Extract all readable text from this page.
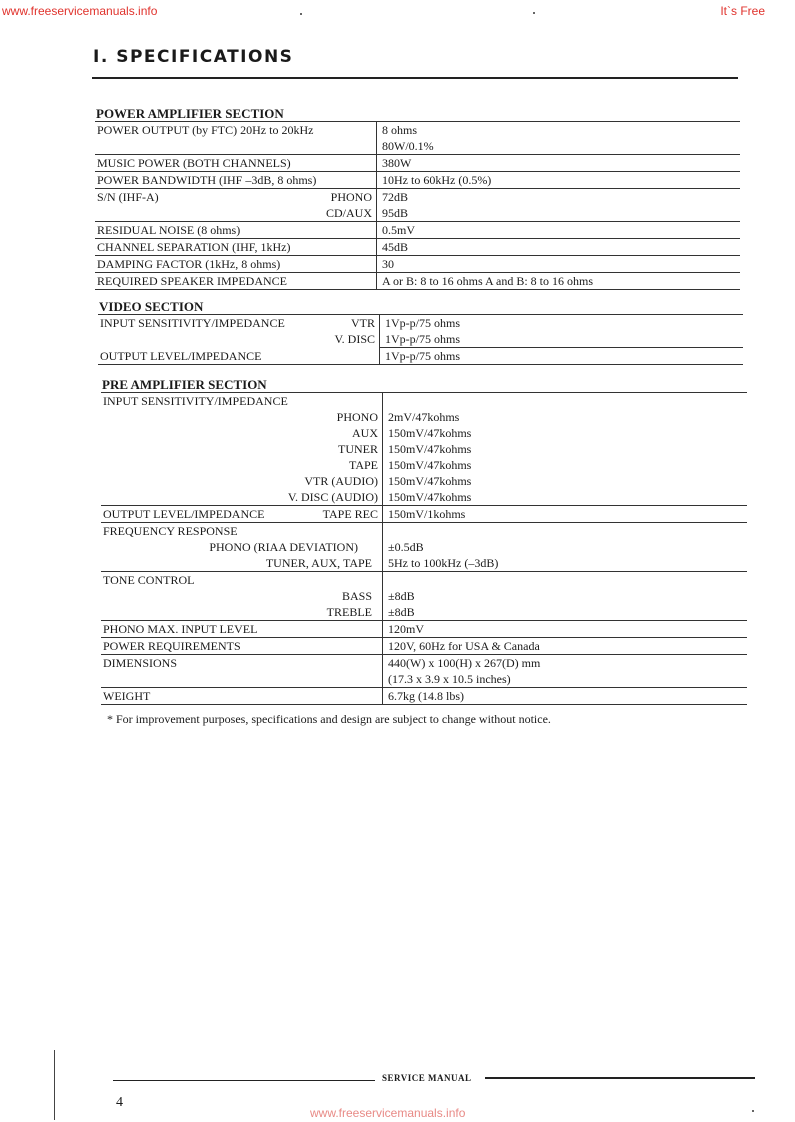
www.freeservicemanuals.info	It`s Free
I. SPECIFICATIONS
POWER AMPLIFIER SECTION
POWER OUTPUT (by FTC) 20Hz to 20kHz	8 ohms
80W/0.1%
MUSIC POWER (BOTH CHANNELS)	380W
POWER BANDWIDTH (IHF –3dB, 8 ohms)	10Hz to 60kHz (0.5%)
S/N (IHF-A)	PHONO 72dB
CD/AUX 95dB
RESIDUAL NOISE (8 ohms)	0.5mV
CHANNEL SEPARATION (IHF, 1kHz)	45dB
DAMPING FACTOR (1kHz, 8 ohms)	30
REQUIRED SPEAKER IMPEDANCE	A or B: 8 to 16 ohms A and B: 8 to 16 ohms
VIDEO SECTION
INPUT SENSITIVITY/IMPEDANCE	VTR 1Vp-p/75 ohms
V. DISC 1Vp-p/75 ohms
OUTPUT LEVEL/IMPEDANCE	1Vp-p/75 ohms
PRE AMPLIFIER SECTION
INPUT SENSITIVITY/IMPEDANCE
PHONO 2mV/47kohms
AUX 150mV/47kohms
TUNER 150mV/47kohms
TAPE 150mV/47kohms
VTR (AUDIO) 150mV/47kohms
V. DISC (AUDIO) 150mV/47kohms
OUTPUT LEVEL/IMPEDANCE	TAPE REC 150mV/1kohms
FREQUENCY RESPONSE
PHONO (RIAA DEVIATION)	±0.5dB
TUNER, AUX, TAPE	5Hz to 100kHz (–3dB)
TONE CONTROL
BASS	±8dB
TREBLE	±8dB
PHONO MAX. INPUT LEVEL	120mV
POWER REQUIREMENTS	120V, 60Hz for USA & Canada
DIMENSIONS	440(W) x 100(H) x 267(D) mm
(17.3 x 3.9 x 10.5 inches)
WEIGHT	6.7kg (14.8 lbs)
* For improvement purposes, specifications and design are subject to change without notice.
SERVICE MANUAL
4
www.freeservicemanuals.info
